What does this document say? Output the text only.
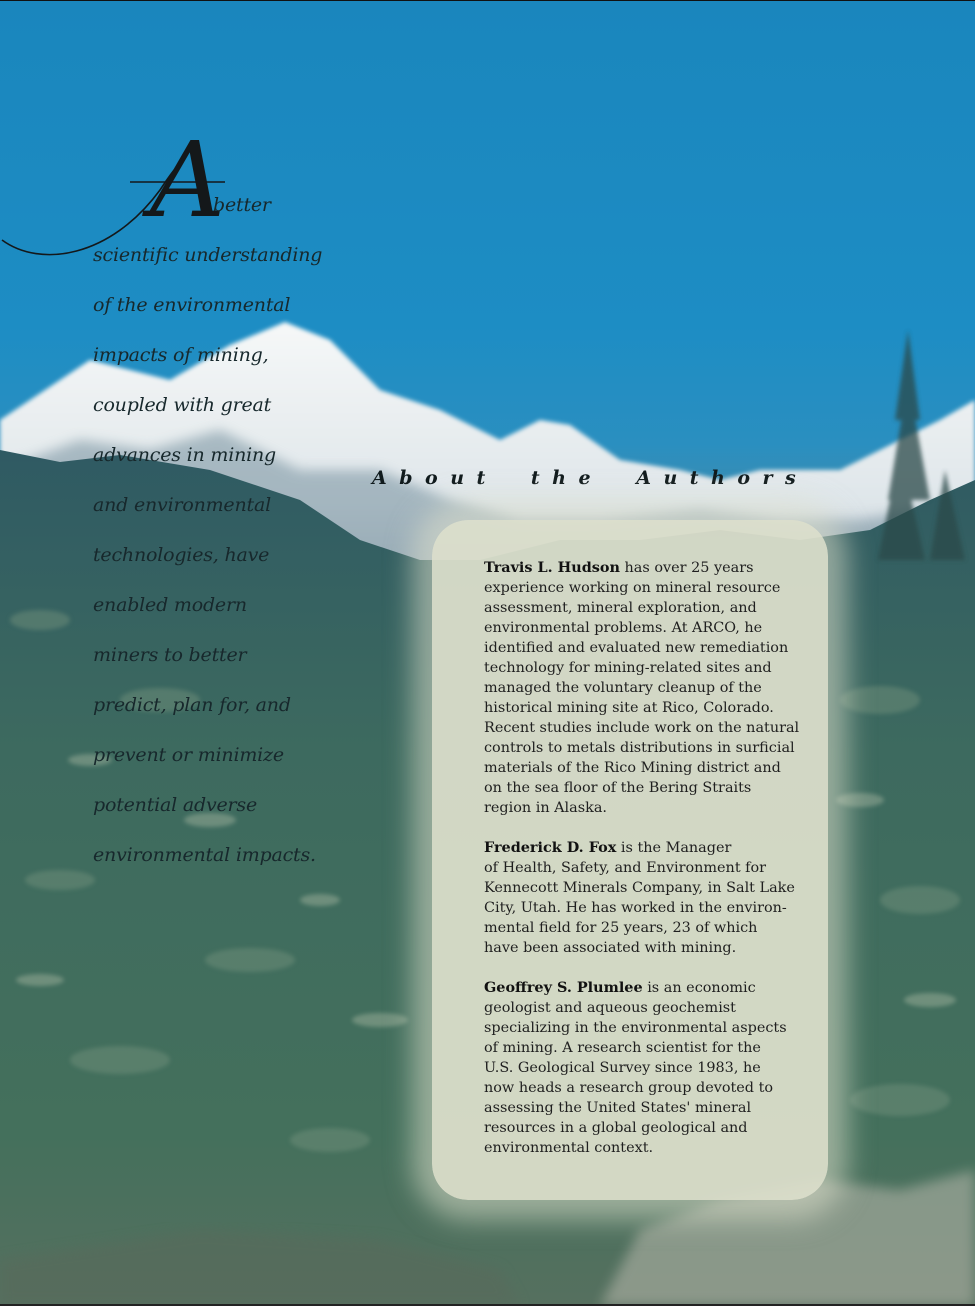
A
better
scientific understanding
of the environmental
impacts of mining,
coupled with great
advances in mining
and environmental
technologies, have
enabled modern
miners to better
predict, plan for, and
prevent or minimize
potential adverse
environmental impacts.
About the Authors

Travis L. Hudson has over 25 years
experience working on mineral resource
assessment, mineral exploration, and
environmental problems. At ARCO, he
identified and evaluated new remediation
technology for mining-related sites and
managed the voluntary cleanup of the
historical mining site at Rico, Colorado.
Recent studies include work on the natural
controls to metals distributions in surficial
materials of the Rico Mining district and
on the sea floor of the Bering Straits
region in Alaska.

Frederick D. Fox is the Manager
of Health, Safety, and Environment for
Kennecott Minerals Company, in Salt Lake
City, Utah. He has worked in the environ-
mental field for 25 years, 23 of which
have been associated with mining.

Geoffrey S. Plumlee is an economic
geologist and aqueous geochemist
specializing in the environmental aspects
of mining. A research scientist for the
U.S. Geological Survey since 1983, he
now heads a research group devoted to
assessing the United States' mineral
resources in a global geological and
environmental context.
